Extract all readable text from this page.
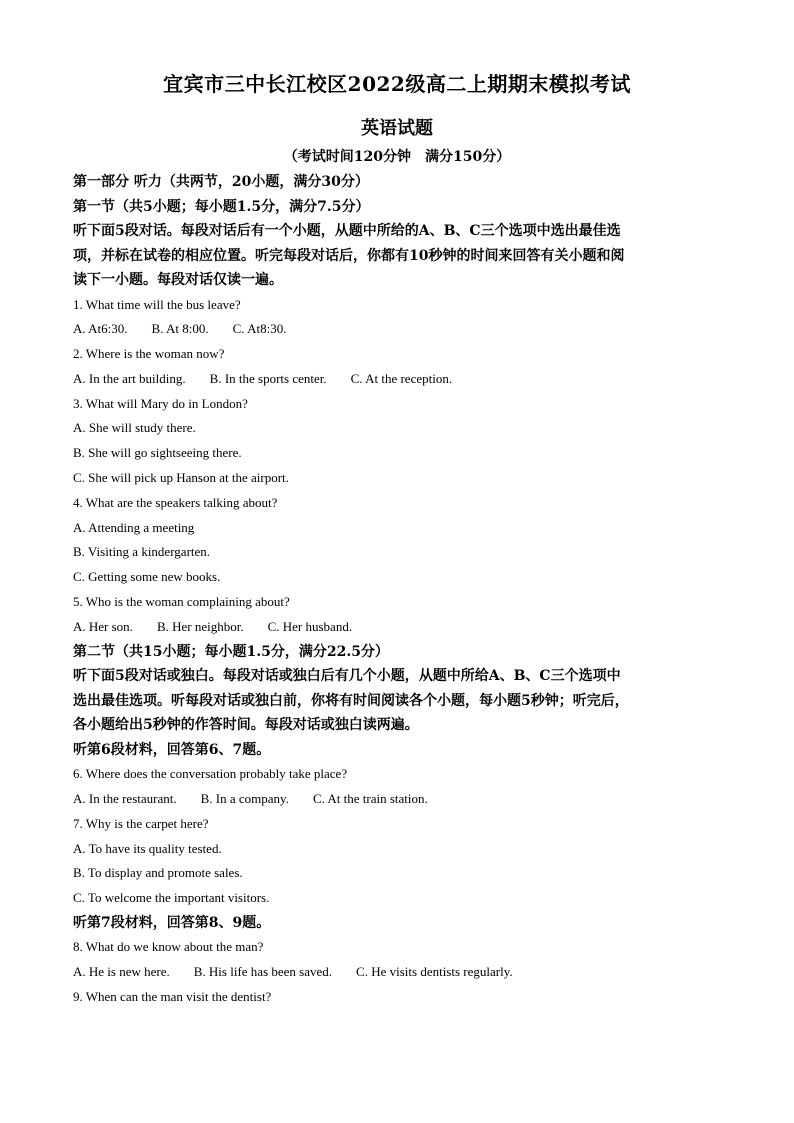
宜宾市三中长江校区2022级高二上期期末模拟考试
英语试题
（考试时间120分钟　满分150分）
第一部分 听力（共两节，20小题，满分30分）
第一节（共5小题；每小题1.5分，满分7.5分）
听下面5段对话。每段对话后有一个小题，从题中所给的A、B、C三个选项中选出最佳选
项，并标在试卷的相应位置。听完每段对话后，你都有10秒钟的时间来回答有关小题和阅
读下一小题。每段对话仅读一遍。
1. What time will the bus leave?
A. At6:30. B. At 8:00. C. At8:30.
2. Where is the woman now?
A. In the art building. B. In the sports center. C. At the reception.
3. What will Mary do in London?
A. She will study there.
B. She will go sightseeing there.
C. She will pick up Hanson at the airport.
4. What are the speakers talking about?
A. Attending a meeting
B. Visiting a kindergarten.
C. Getting some new books.
5. Who is the woman complaining about?
A. Her son. B. Her neighbor. C. Her husband.
第二节（共15小题；每小题1.5分，满分22.5分）
听下面5段对话或独白。每段对话或独白后有几个小题，从题中所给A、B、C三个选项中
选出最佳选项。听每段对话或独白前，你将有时间阅读各个小题，每小题5秒钟；听完后，
各小题给出5秒钟的作答时间。每段对话或独白读两遍。
听第6段材料，回答第6、7题。
6. Where does the conversation probably take place?
A. In the restaurant. B. In a company. C. At the train station.
7. Why is the carpet here?
A. To have its quality tested.
B. To display and promote sales.
C. To welcome the important visitors.
听第7段材料，回答第8、9题。
8. What do we know about the man?
A. He is new here. B. His life has been saved. C. He visits dentists regularly.
9. When can the man visit the dentist?
